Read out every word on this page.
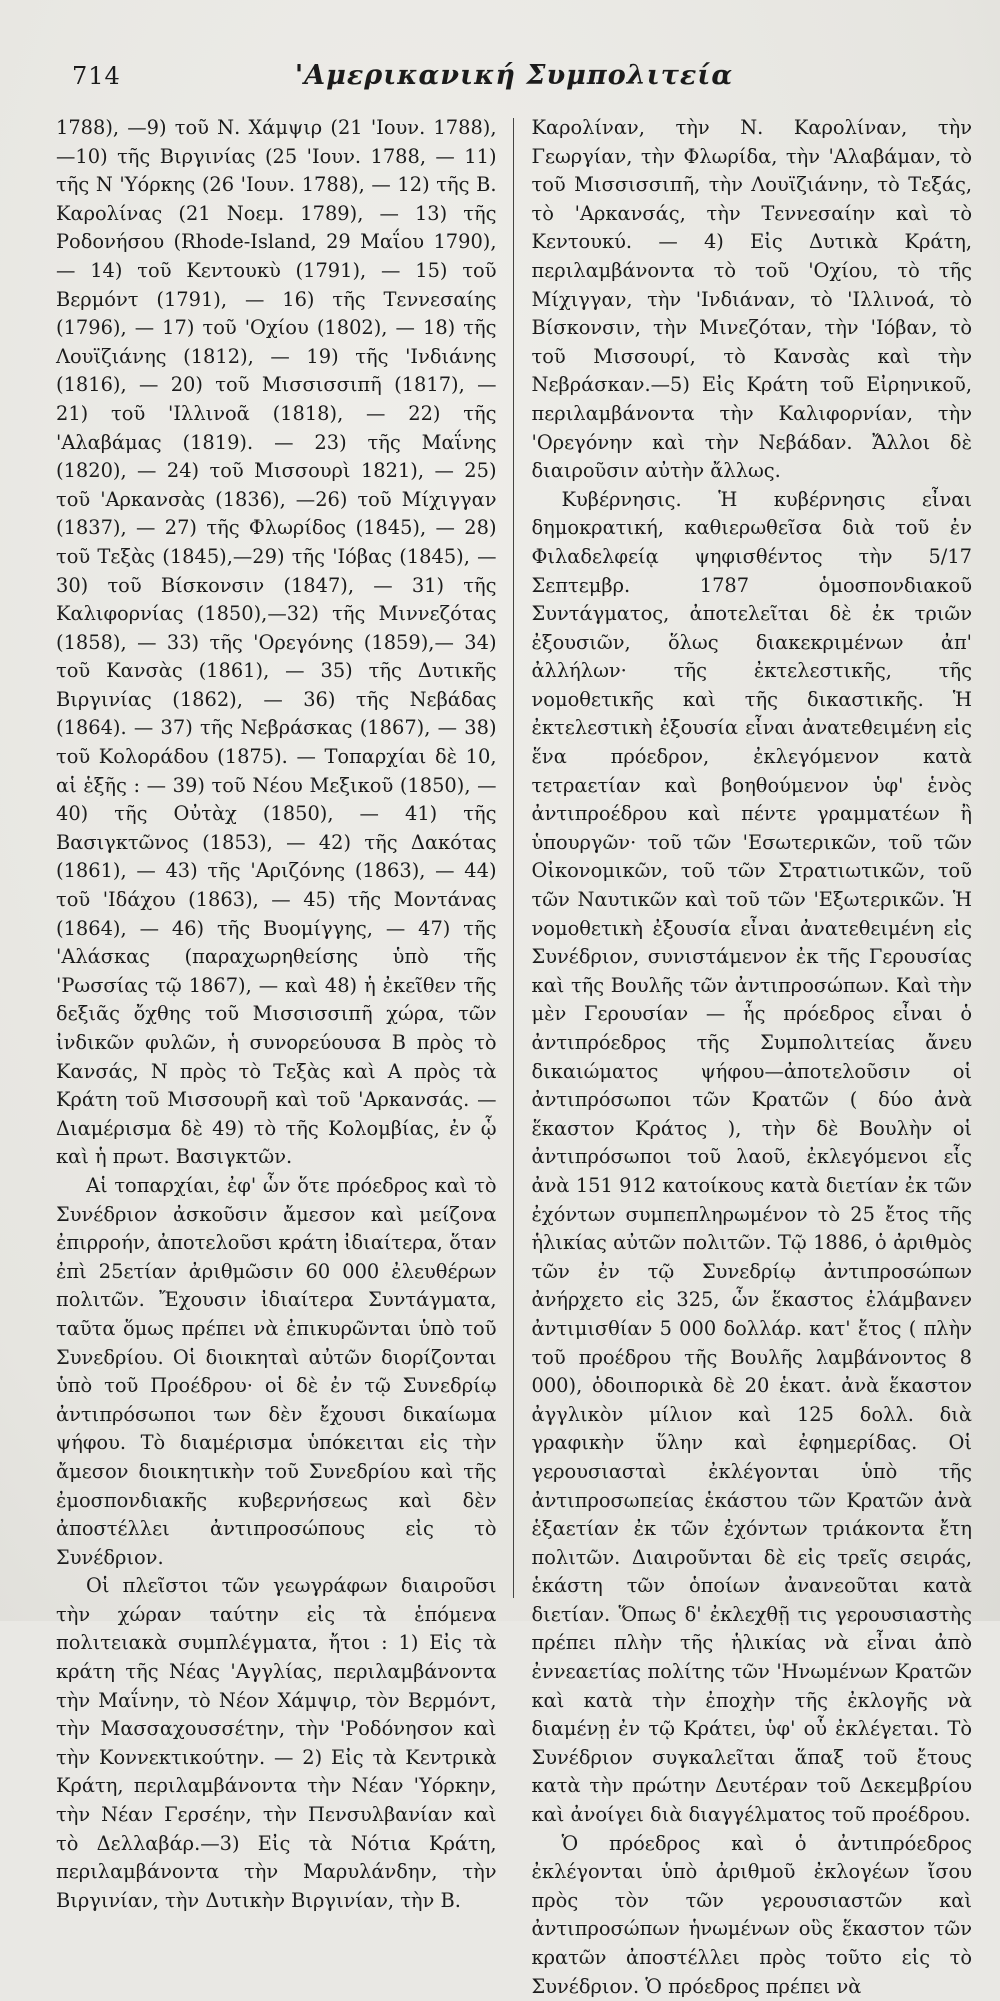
714	'Αμερικανική Συμπολιτεία

1788), —9) τοῦ Ν. Χάμψιρ (21 'Ιουν. 1788), —10) τῆς Βιργινίας (25 'Ιουν. 1788, — 11) τῆς Ν 'Υόρκης (26 'Ιουν. 1788), — 12) τῆς Β. Καρολίνας (21 Νοεμ. 1789), — 13) τῆς Ροδονήσου (Rhode-Island, 29 Μαΐου 1790), — 14) τοῦ Κεντουκὺ (1791), — 15) τοῦ Βερμόντ (1791), — 16) τῆς Τεννεσαίης (1796), — 17) τοῦ 'Οχίου (1802), — 18) τῆς Λουϊζιάνης (1812), — 19) τῆς 'Ινδιάνης (1816), — 20) τοῦ Μισσισσιπῆ (1817), — 21) τοῦ 'Ιλλινοᾶ (1818), — 22) τῆς 'Αλαβάμας (1819). — 23) τῆς Μαΐνης (1820), — 24) τοῦ Μισσουρὶ 1821), — 25) τοῦ 'Αρκανσὰς (1836), —26) τοῦ Μίχιγγαν (1837), — 27) τῆς Φλωρίδος (1845), — 28) τοῦ Τεξὰς (1845),—29) τῆς 'Ιόβας (1845), — 30) τοῦ Βίσκονσιν (1847), — 31) τῆς Καλιφορνίας (1850),—32) τῆς Μιννεζότας (1858), — 33) τῆς 'Ορεγόνης (1859),— 34) τοῦ Κανσὰς (1861), — 35) τῆς Δυτικῆς Βιργινίας (1862), — 36) τῆς Νεβάδας (1864). — 37) τῆς Νεβράσκας (1867), — 38) τοῦ Κολοράδου (1875). — Τοπαρχίαι δὲ 10, αἱ ἑξῆς : — 39) τοῦ Νέου Μεξικοῦ (1850), — 40) τῆς Οὐτὰχ (1850), — 41) τῆς Βασιγκτῶνος (1853), — 42) τῆς Δακότας (1861), — 43) τῆς 'Αριζόνης (1863), — 44) τοῦ 'Ιδάχου (1863), — 45) τῆς Μοντάνας (1864), — 46) τῆς Βυομίγγης, — 47) τῆς 'Αλάσκας (παραχωρηθείσης ὑπὸ τῆς 'Ρωσσίας τῷ 1867), — καὶ 48) ἡ ἐκεῖθεν τῆς δεξιᾶς ὄχθης τοῦ Μισσισσιπῆ χώρα, τῶν ἰνδικῶν φυλῶν, ἡ συνορεύουσα Β πρὸς τὸ Κανσάς, Ν πρὸς τὸ Τεξὰς καὶ Α πρὸς τὰ Κράτη τοῦ Μισσουρῆ καὶ τοῦ 'Αρκανσάς. — Διαμέρισμα δὲ 49) τὸ τῆς Κολομβίας, ἐν ᾧ καὶ ἡ πρωτ. Βασιγκτῶν.

Αἱ τοπαρχίαι, ἐφ' ὧν ὅτε πρόεδρος καὶ τὸ Συνέδριον ἀσκοῦσιν ἄμεσον καὶ μείζονα ἐπιρροήν, ἀποτελοῦσι κράτη ἰδιαίτερα, ὅταν ἐπὶ 25ετίαν ἀριθμῶσιν 60 000 ἐλευθέρων πολιτῶν. Ἔχουσιν ἰδιαίτερα Συντάγματα, ταῦτα ὅμως πρέπει νὰ ἐπικυρῶνται ὑπὸ τοῦ Συνεδρίου. Οἱ διοικηταὶ αὐτῶν διορίζονται ὑπὸ τοῦ Προέδρου· οἱ δὲ ἐν τῷ Συνεδρίῳ ἀντιπρόσωποι των δὲν ἔχουσι δικαίωμα ψήφου. Τὸ διαμέρισμα ὑπόκειται εἰς τὴν ἄμεσον διοικητικὴν τοῦ Συνεδρίου καὶ τῆς ἐμοσπονδιακῆς κυβερνήσεως καὶ δὲν ἀποστέλλει ἀντιπροσώπους εἰς τὸ Συνέδριον.

Οἱ πλεῖστοι τῶν γεωγράφων διαιροῦσι τὴν χώραν ταύτην εἰς τὰ ἑπόμενα πολιτειακὰ συμπλέγματα, ἤτοι : 1) Εἰς τὰ κράτη τῆς Νέας 'Αγγλίας, περιλαμβάνοντα τὴν Μαΐνην, τὸ Νέον Χάμψιρ, τὸν Βερμόντ, τὴν Μασσαχουσσέτην, τὴν 'Ροδόνησον καὶ τὴν Κοννεκτικούτην. — 2) Εἰς τὰ Κεντρικὰ Κράτη, περιλαμβάνοντα τὴν Νέαν 'Υόρκην, τὴν Νέαν Γερσέην, τὴν Πενσυλβανίαν καὶ τὸ Δελλαβάρ.—3) Εἰς τὰ Νότια Κράτη, περιλαμβάνοντα τὴν Μαρυλάνδην, τὴν Βιργινίαν, τὴν Δυτικὴν Βιργινίαν, τὴν Β.

Καρολίναν, τὴν Ν. Καρολίναν, τὴν Γεωργίαν, τὴν Φλωρίδα, τὴν 'Αλαβάμαν, τὸ τοῦ Μισσισσιπῆ, τὴν Λουϊζιάνην, τὸ Τεξάς, τὸ 'Αρκανσάς, τὴν Τεννεσαίην καὶ τὸ Κεντουκύ. — 4) Εἰς Δυτικὰ Κράτη, περιλαμβάνοντα τὸ τοῦ 'Οχίου, τὸ τῆς Μίχιγγαν, τὴν 'Ινδιάναν, τὸ 'Ιλλινοά, τὸ Βίσκονσιν, τὴν Μινεζόταν, τὴν 'Ιόβαν, τὸ τοῦ Μισσουρί, τὸ Κανσὰς καὶ τὴν Νεβράσκαν.—5) Εἰς Κράτη τοῦ Εἰρηνικοῦ, περιλαμβάνοντα τὴν Καλιφορνίαν, τὴν 'Ορεγόνην καὶ τὴν Νεβάδαν. Ἄλλοι δὲ διαιροῦσιν αὐτὴν ἄλλως.

Κυβέρνησις. Ἡ κυβέρνησις εἶναι δημοκρατική, καθιερωθεῖσα διὰ τοῦ ἐν Φιλαδελφείᾳ ψηφισθέντος τὴν 5/17 Σεπτεμβρ. 1787 ὁμοσπονδιακοῦ Συντάγματος, ἀποτελεῖται δὲ ἐκ τριῶν ἐξουσιῶν, ὅλως διακεκριμένων ἀπ' ἀλλήλων· τῆς ἐκτελεστικῆς, τῆς νομοθετικῆς καὶ τῆς δικαστικῆς. Ἡ ἐκτελεστικὴ ἐξουσία εἶναι ἀνατεθειμένη εἰς ἕνα πρόεδρον, ἐκλεγόμενον κατὰ τετραετίαν καὶ βοηθούμενον ὑφ' ἑνὸς ἀντιπροέδρου καὶ πέντε γραμματέων ἢ ὑπουργῶν· τοῦ τῶν 'Εσωτερικῶν, τοῦ τῶν Οἰκονομικῶν, τοῦ τῶν Στρατιωτικῶν, τοῦ τῶν Ναυτικῶν καὶ τοῦ τῶν 'Εξωτερικῶν. Ἡ νομοθετικὴ ἐξουσία εἶναι ἀνατεθειμένη εἰς Συνέδριον, συνιστάμενον ἐκ τῆς Γερουσίας καὶ τῆς Βουλῆς τῶν ἀντιπροσώπων. Καὶ τὴν μὲν Γερουσίαν — ἧς πρόεδρος εἶναι ὁ ἀντιπρόεδρος τῆς Συμπολιτείας ἄνευ δικαιώματος ψήφου—ἀποτελοῦσιν οἱ ἀντιπρόσωποι τῶν Κρατῶν ( δύο ἀνὰ ἕκαστον Κράτος ), τὴν δὲ Βουλὴν οἱ ἀντιπρόσωποι τοῦ λαοῦ, ἐκλεγόμενοι εἷς ἀνὰ 151 912 κατοίκους κατὰ διετίαν ἐκ τῶν ἐχόντων συμπεπληρωμένον τὸ 25 ἔτος τῆς ἡλικίας αὐτῶν πολιτῶν. Τῷ 1886, ὁ ἀριθμὸς τῶν ἐν τῷ Συνεδρίῳ ἀντιπροσώπων ἀνήρχετο εἰς 325, ὧν ἕκαστος ἐλάμβανεν ἀντιμισθίαν 5 000 δολλάρ. κατ' ἔτος ( πλὴν τοῦ προέδρου τῆς Βουλῆς λαμβάνοντος 8 000), ὁδοιπορικὰ δὲ 20 ἑκατ. ἀνὰ ἕκαστον ἀγγλικὸν μίλιον καὶ 125 δολλ. διὰ γραφικὴν ὕλην καὶ ἐφημερίδας. Οἱ γερουσιασταὶ ἐκλέγονται ὑπὸ τῆς ἀντιπροσωπείας ἑκάστου τῶν Κρατῶν ἀνὰ ἑξαετίαν ἐκ τῶν ἐχόντων τριάκοντα ἔτη πολιτῶν. Διαιροῦνται δὲ εἰς τρεῖς σειράς, ἑκάστη τῶν ὁποίων ἀνανεοῦται κατὰ διετίαν. Ὅπως δ' ἐκλεχθῇ τις γερουσιαστὴς πρέπει πλὴν τῆς ἡλικίας νὰ εἶναι ἀπὸ ἐννεαετίας πολίτης τῶν 'Ηνωμένων Κρατῶν καὶ κατὰ τὴν ἐποχὴν τῆς ἐκλογῆς νὰ διαμένῃ ἐν τῷ Κράτει, ὑφ' οὗ ἐκλέγεται. Τὸ Συνέδριον συγκαλεῖται ἅπαξ τοῦ ἔτους κατὰ τὴν πρώτην Δευτέραν τοῦ Δεκεμβρίου καὶ ἀνοίγει διὰ διαγγέλματος τοῦ προέδρου.

Ὁ πρόεδρος καὶ ὁ ἀντιπρόεδρος ἐκλέγονται ὑπὸ ἀριθμοῦ ἐκλογέων ἴσου πρὸς τὸν τῶν γερουσιαστῶν καὶ ἀντιπροσώπων ἡνωμένων οὓς ἕκαστον τῶν κρατῶν ἀποστέλλει πρὸς τοῦτο εἰς τὸ Συνέδριον. Ὁ πρόεδρος πρέπει νὰ
